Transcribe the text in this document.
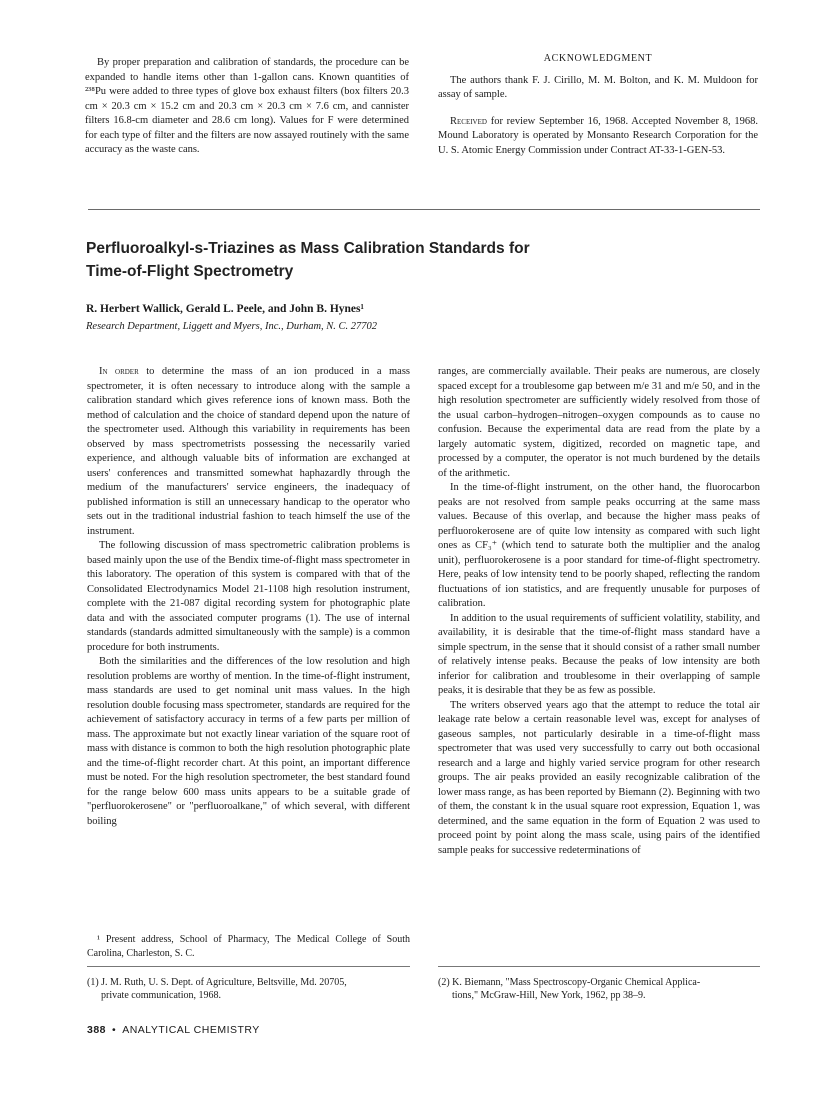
By proper preparation and calibration of standards, the procedure can be expanded to handle items other than 1-gallon cans. Known quantities of ²³⁸Pu were added to three types of glove box exhaust filters (box filters 20.3 cm × 20.3 cm × 15.2 cm and 20.3 cm × 20.3 cm × 7.6 cm, and cannister filters 16.8-cm diameter and 28.6 cm long). Values for F were determined for each type of filter and the filters are now assayed routinely with the same accuracy as the waste cans.

ACKNOWLEDGMENT

The authors thank F. J. Cirillo, M. M. Bolton, and K. M. Muldoon for assay of sample.

Received for review September 16, 1968. Accepted November 8, 1968. Mound Laboratory is operated by Monsanto Research Corporation for the U. S. Atomic Energy Commission under Contract AT-33-1-GEN-53.

Perfluoroalkyl-s-Triazines as Mass Calibration Standards for
Time-of-Flight Spectrometry

R. Herbert Wallick, Gerald L. Peele, and John B. Hynes¹

Research Department, Liggett and Myers, Inc., Durham, N. C. 27702

In order to determine the mass of an ion produced in a mass spectrometer, it is often necessary to introduce along with the sample a calibration standard which gives reference ions of known mass. Both the method of calculation and the choice of standard depend upon the nature of the spectrometer used. Although this variability in requirements has been observed by mass spectrometrists possessing the necessarily varied experience, and although valuable bits of information are exchanged at users' conferences and transmitted somewhat haphazardly through the medium of the manufacturers' service engineers, the inadequacy of published information is still an unnecessary handicap to the operator who sets out in the traditional industrial fashion to teach himself the use of the instrument.

The following discussion of mass spectrometric calibration problems is based mainly upon the use of the Bendix time-of-flight mass spectrometer in this laboratory. The operation of this system is compared with that of the Consolidated Electrodynamics Model 21-1108 high resolution instrument, complete with the 21-087 digital recording system for photographic plate data and with the associated computer programs (1). The use of internal standards (standards admitted simultaneously with the sample) is a common procedure for both instruments.

Both the similarities and the differences of the low resolution and high resolution problems are worthy of mention. In the time-of-flight instrument, mass standards are used to get nominal unit mass values. In the high resolution double focusing mass spectrometer, standards are required for the achievement of satisfactory accuracy in terms of a few parts per million of mass. The approximate but not exactly linear variation of the square root of mass with distance is common to both the high resolution photographic plate and the time-of-flight recorder chart. At this point, an important difference must be noted. For the high resolution spectrometer, the best standard found for the range below 600 mass units appears to be a suitable grade of "perfluorokerosene" or "perfluoroalkane," of which several, with different boiling

ranges, are commercially available. Their peaks are numerous, are closely spaced except for a troublesome gap between m/e 31 and m/e 50, and in the high resolution spectrometer are sufficiently widely resolved from those of the usual carbon–hydrogen–nitrogen–oxygen compounds as to cause no confusion. Because the experimental data are read from the plate by a largely automatic system, digitized, recorded on magnetic tape, and processed by a computer, the operator is not much burdened by the details of the arithmetic.

In the time-of-flight instrument, on the other hand, the fluorocarbon peaks are not resolved from sample peaks occurring at the same mass values. Because of this overlap, and because the higher mass peaks of perfluorokerosene are of quite low intensity as compared with such light ones as CF₃⁺ (which tend to saturate both the multiplier and the analog unit), perfluorokerosene is a poor standard for time-of-flight spectrometry. Here, peaks of low intensity tend to be poorly shaped, reflecting the random fluctuations of ion statistics, and are frequently unusable for purposes of calibration.

In addition to the usual requirements of sufficient volatility, stability, and availability, it is desirable that the time-of-flight mass standard have a simple spectrum, in the sense that it should consist of a rather small number of relatively intense peaks. Because the peaks of low intensity are both inferior for calibration and troublesome in their overlapping of sample peaks, it is desirable that they be as few as possible.

The writers observed years ago that the attempt to reduce the total air leakage rate below a certain reasonable level was, except for analyses of gaseous samples, not particularly desirable in a time-of-flight mass spectrometer that was used very successfully to carry out both occasional research and a large and highly varied service program for other research groups. The air peaks provided an easily recognizable calibration of the lower mass range, as has been reported by Biemann (2). Beginning with two of them, the constant k in the usual square root expression, Equation 1, was determined, and the same equation in the form of Equation 2 was used to proceed point by point along the mass scale, using pairs of the identified sample peaks for successive redeterminations of

¹ Present address, School of Pharmacy, The Medical College of South Carolina, Charleston, S. C.

(1) J. M. Ruth, U. S. Dept. of Agriculture, Beltsville, Md. 20705,
private communication, 1968.

(2) K. Biemann, "Mass Spectroscopy-Organic Chemical Applica-
tions," McGraw-Hill, New York, 1962, pp 38–9.

388 • ANALYTICAL CHEMISTRY
